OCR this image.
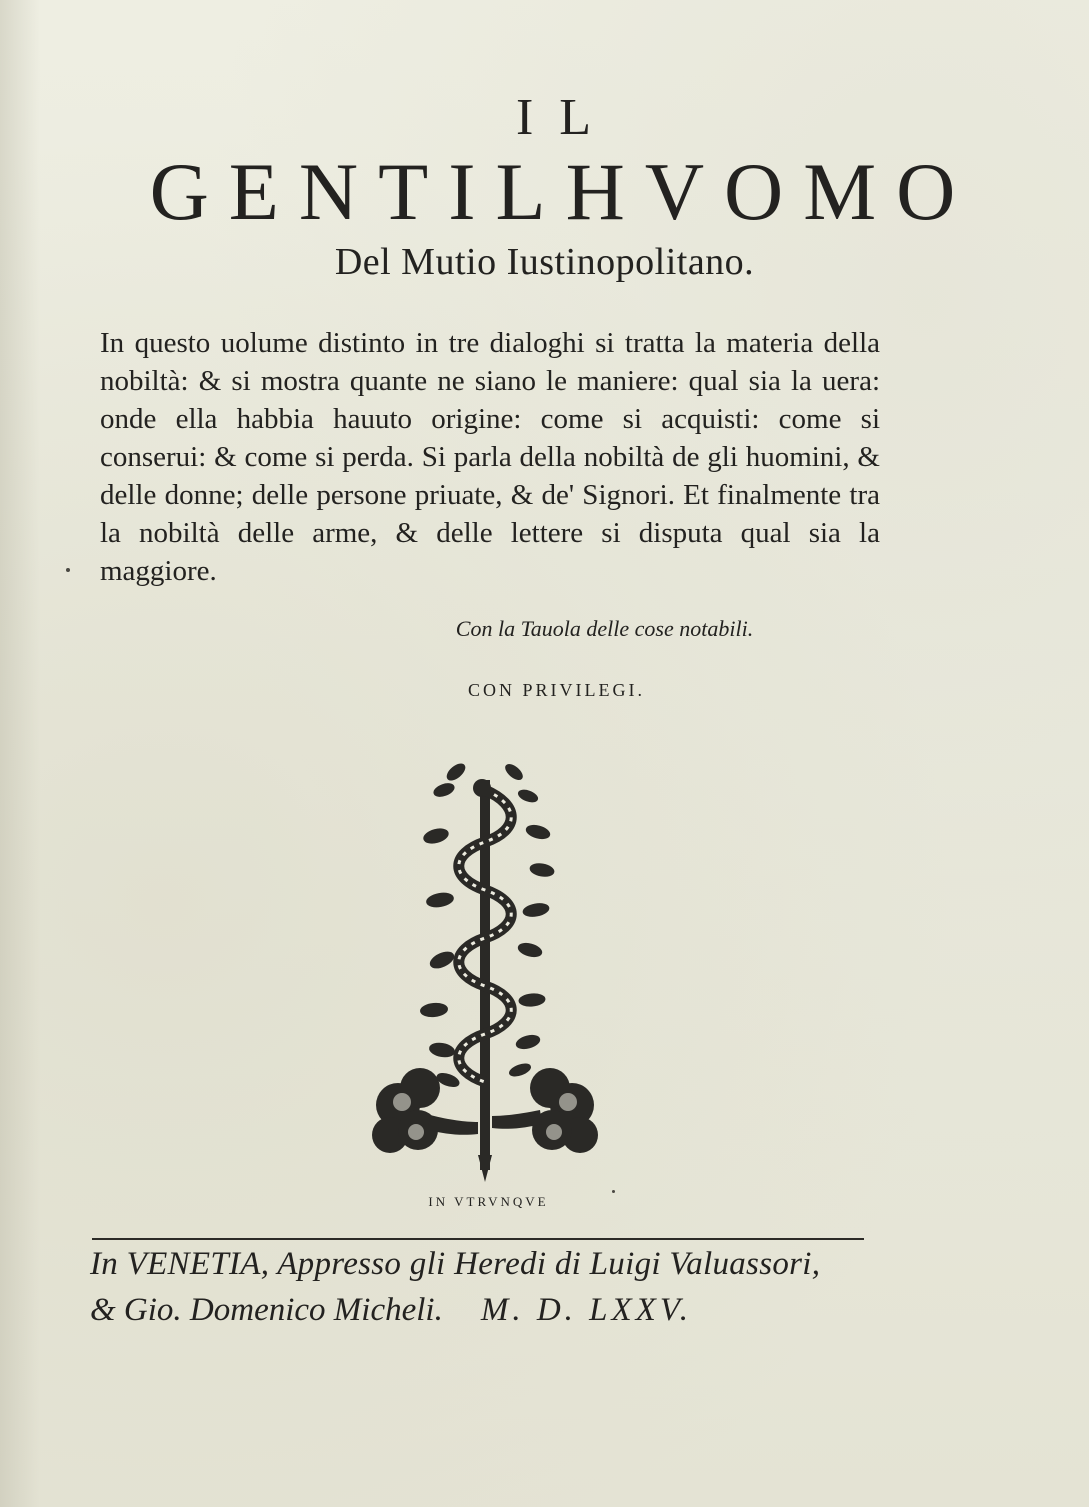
IL
GENTILHVOMO
Del Mutio Iustinopolitano.
In questo uolume distinto in tre dialoghi si tratta la materia della nobiltà: & si mostra quante ne siano le maniere: qual sia la uera: onde ella habbia hauuto origine: come si acquisti: come si conserui: & come si perda. Si parla della nobiltà de gli huomini, & delle donne; delle persone priuate, & de' Signori. Et finalmente tra la nobiltà delle arme, & delle lettere si disputa qual sia la maggiore.
Con la Tauola delle cose notabili.
CON PRIVILEGI.
IN VTRVNQVE
In VENETIA, Appresso gli Heredi di Luigi Valuassori,
& Gio. Domenico Micheli. M. D. LXXV.
